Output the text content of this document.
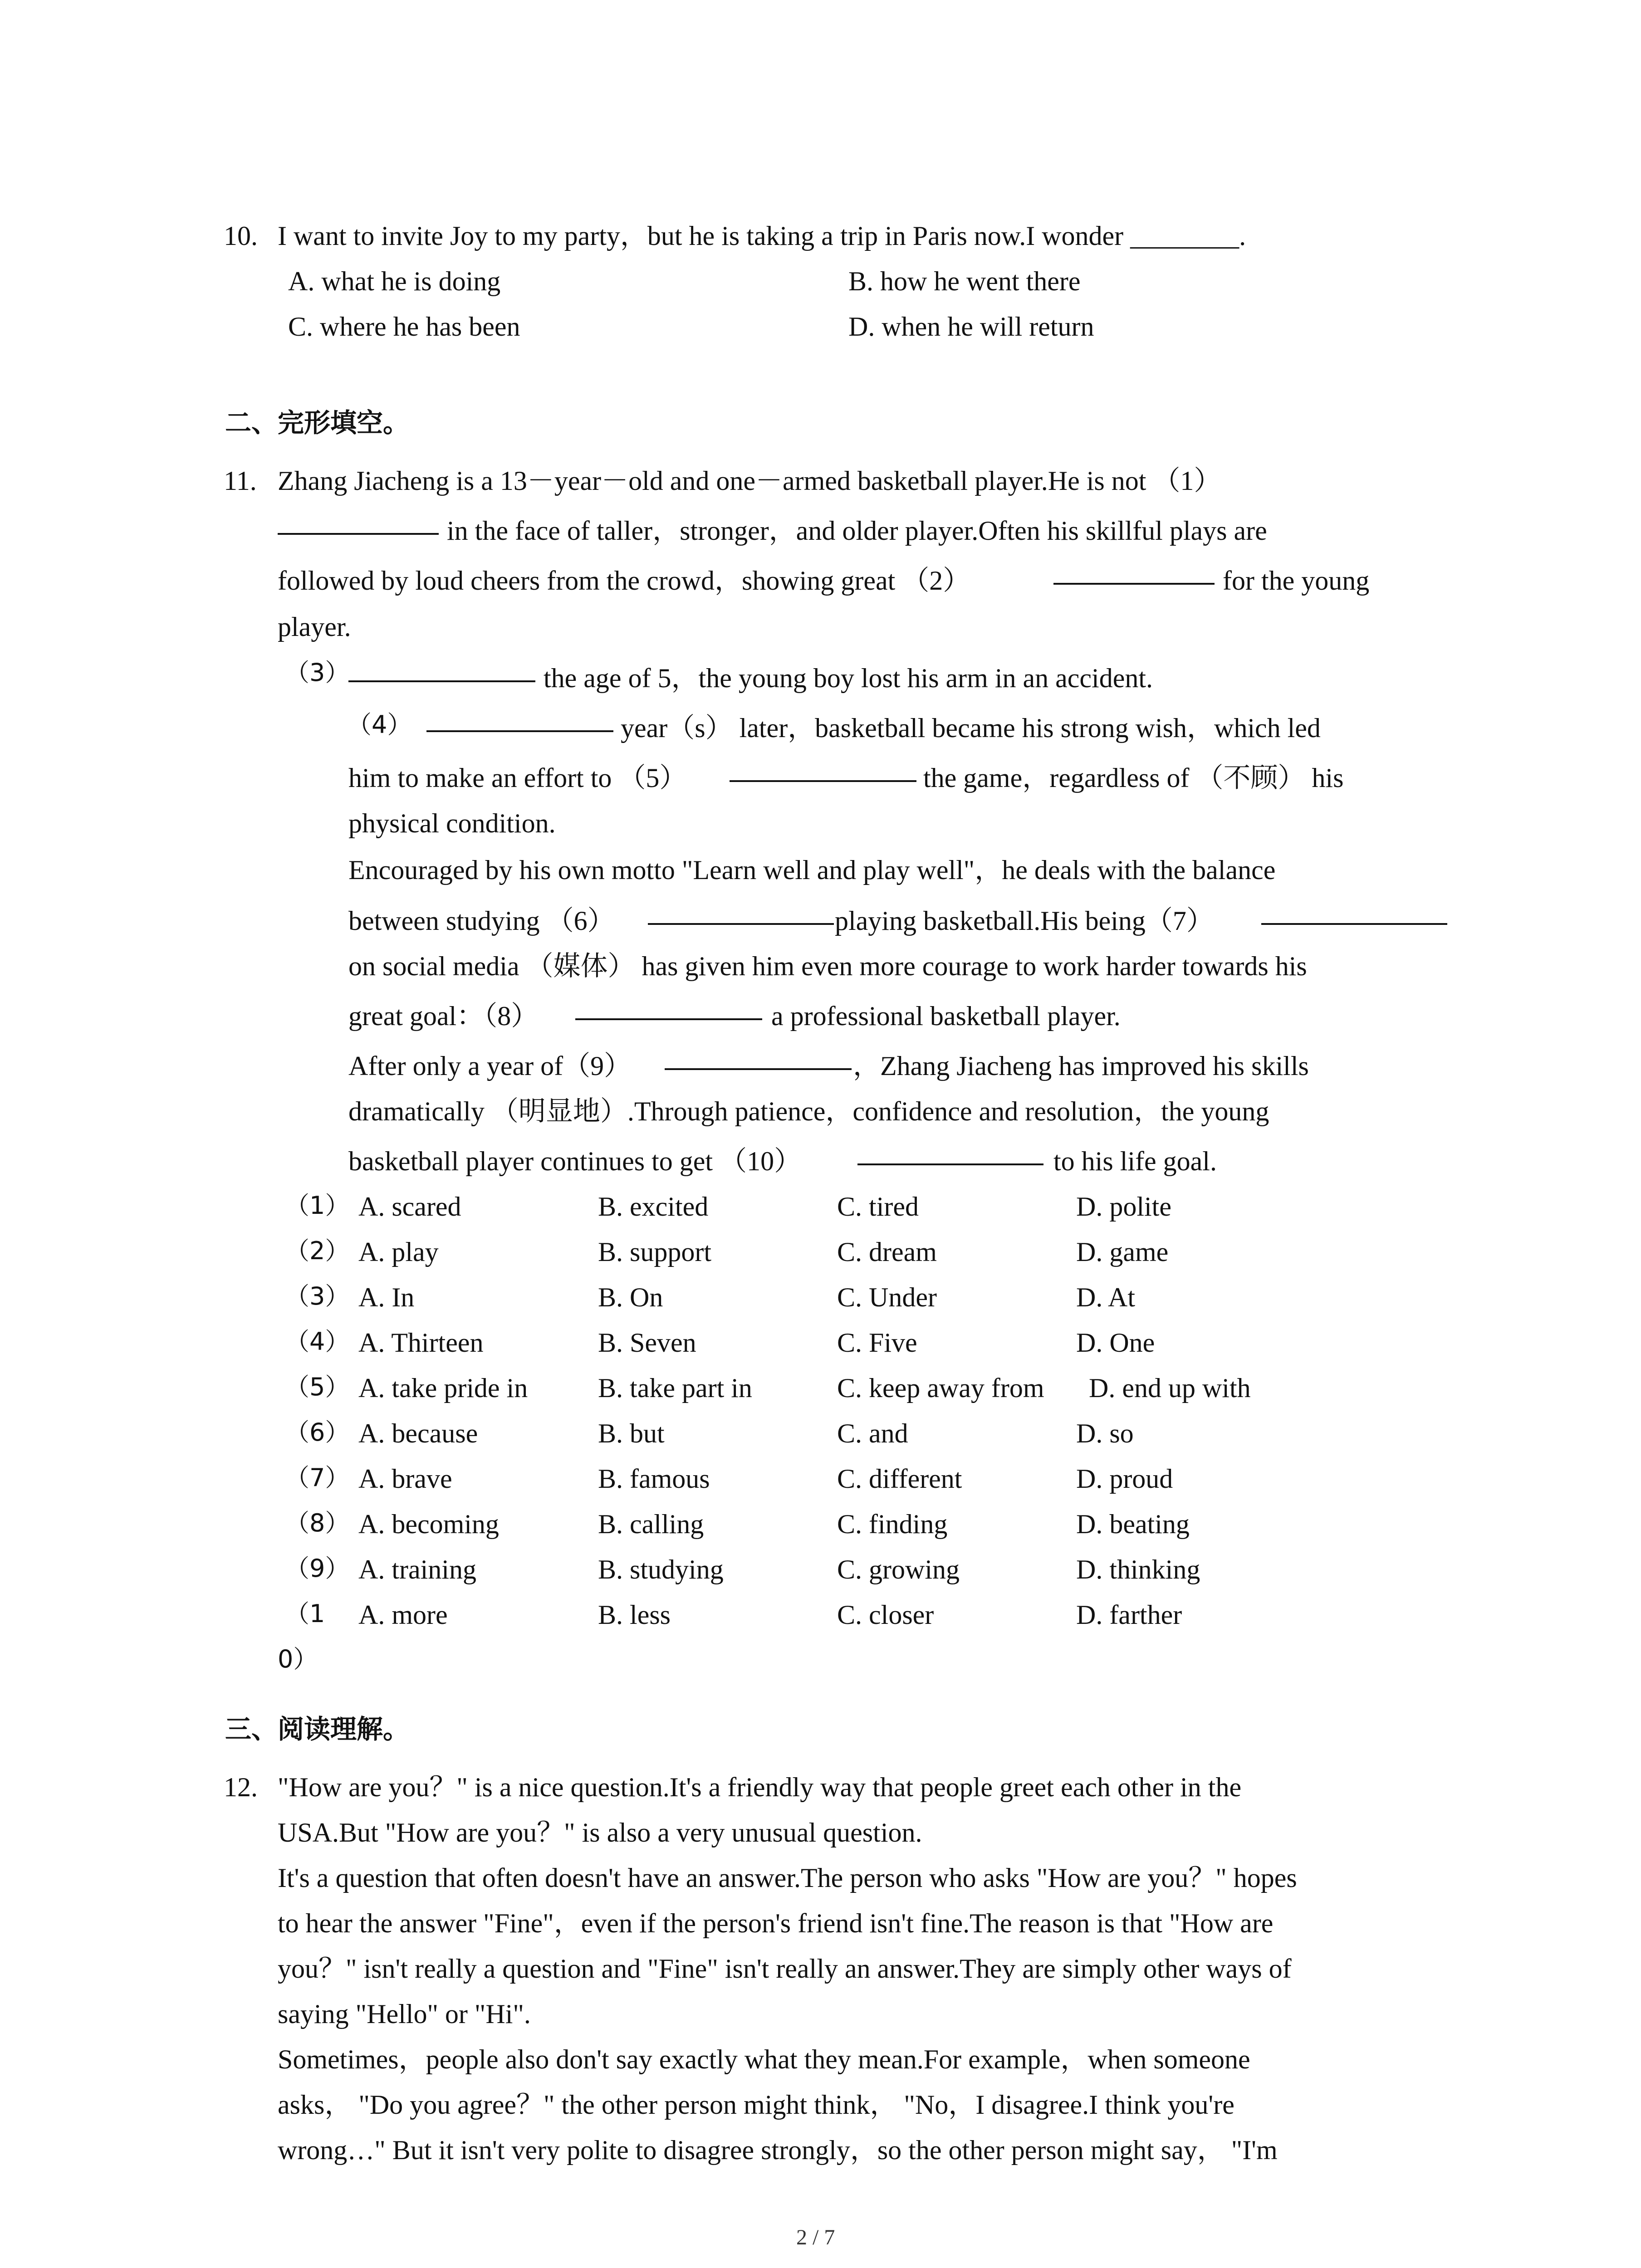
10. I want to invite Joy to my party，but he is taking a trip in Paris now.I wonder ________.
A. what he is doing	B. how he went there
C. where he has been	D. when he will return
二、完形填空。
11. Zhang Jiacheng is a 13－year－old and one－armed basketball player.He is not （1）
in the face of taller，stronger，and older player.Often his skillful plays are
followed by loud cheers from the crowd，showing great （2）	for the young
player.
（3）	the age of 5，the young boy lost his arm in an accident.
（4）	year（s） later，basketball became his strong wish，which led
him to make an effort to （5）	the game，regardless of （不顾） his
physical condition.
Encouraged by his own motto "Learn well and play well"，he deals with the balance
between studying （6）	playing basketball.His being（7）
on social media （媒体） has given him even more courage to work harder towards his
great goal：（8）	a professional basketball player.
After only a year of（9）	，Zhang Jiacheng has improved his skills
dramatically （明显地）.Through patience，confidence and resolution，the young
basketball player continues to get （10）	to his life goal.
（1） A. scared	B. excited	C. tired	D. polite
（2） A. play	B. support	C. dream	D. game
（3） A. In	B. On	C. Under	D. At
（4） A. Thirteen	B. Seven	C. Five	D. One
（5） A. take pride in	B. take part in	C. keep away from D. end up with
（6） A. because	B. but	C. and	D. so
（7） A. brave	B. famous	C. different	D. proud
（8） A. becoming	B. calling	C. finding	D. beating
（9） A. training	B. studying	C. growing	D. thinking
（1 A. more	B. less	C. closer	D. farther
0）
三、阅读理解。
12. "How are you？" is a nice question.It's a friendly way that people greet each other in the
USA.But "How are you？" is also a very unusual question.
It's a question that often doesn't have an answer.The person who asks "How are you？" hopes
to hear the answer "Fine"，even if the person's friend isn't fine.The reason is that "How are
you？" isn't really a question and "Fine" isn't really an answer.They are simply other ways of
saying "Hello" or "Hi".
Sometimes，people also don't say exactly what they mean.For example，when someone
asks， "Do you agree？" the other person might think， "No，I disagree.I think you're
wrong…" But it isn't very polite to disagree strongly，so the other person might say， "I'm
2 / 7
